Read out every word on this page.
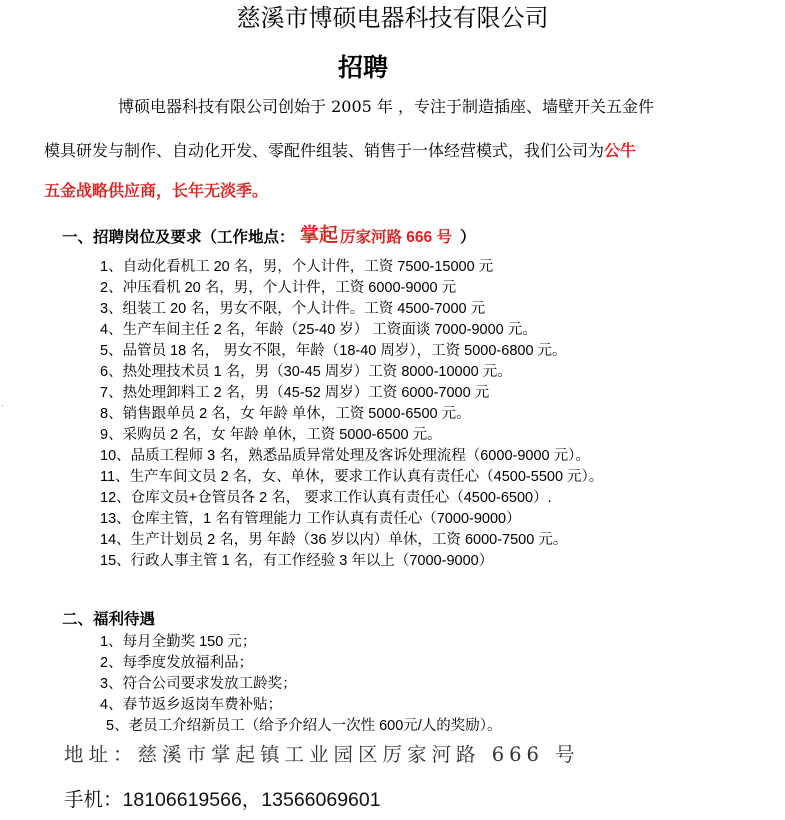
慈溪市博硕电器科技有限公司
招聘
博硕电器科技有限公司创始于 2005 年 ，专注于制造插座、墙壁开关五金件
模具研发与制作、自动化开发、零配件组装、销售于一体经营模式，我们公司为公牛
五金战略供应商，长年无淡季。
一、招聘岗位及要求（工作地点： 掌起 厉家河路 666 号 ）
1、自动化看机工 20 名，男，个人计件，工资 7500-15000 元
2、冲压看机 20 名，男，个人计件，工资 6000-9000 元
3、组装工 20 名，男女不限，个人计件。工资 4500-7000 元
4、生产车间主任 2 名，年龄（25-40 岁） 工资面谈 7000-9000 元。
5、品管员 18 名， 男女不限，年龄（18-40 周岁），工资 5000-6800 元。
6、热处理技术员 1 名，男（30-45 周岁）工资 8000-10000 元。
7、热处理卸料工 2 名，男（45-52 周岁）工资 6000-7000 元
8、销售跟单员 2 名，女 年龄 单休，工资 5000-6500 元。
9、采购员 2 名，女 年龄 单休，工资 5000-6500 元。
10、品质工程师 3 名，熟悉品质异常处理及客诉处理流程（6000-9000 元）。
11、生产车间文员 2 名，女、单休，要求工作认真有责任心（4500-5500 元）。
12、仓库文员+仓管员各 2 名， 要求工作认真有责任心（4500-6500）.
13、仓库主管，1 名有管理能力 工作认真有责任心（7000-9000）
14、生产计划员 2 名，男 年龄（36 岁以内）单休，工资 6000-7500 元。
15、行政人事主管 1 名，有工作经验 3 年以上（7000-9000）
二、福利待遇
1、每月全勤奖 150 元；
2、每季度发放福利品；
3、符合公司要求发放工龄奖；
4、春节返乡返岗车费补贴；
5、老员工介绍新员工（给予介绍人一次性 600元/人的奖励）。
地址：慈溪市掌起镇工业园区厉家河路 666 号
手机：18106619566，13566069601
·
